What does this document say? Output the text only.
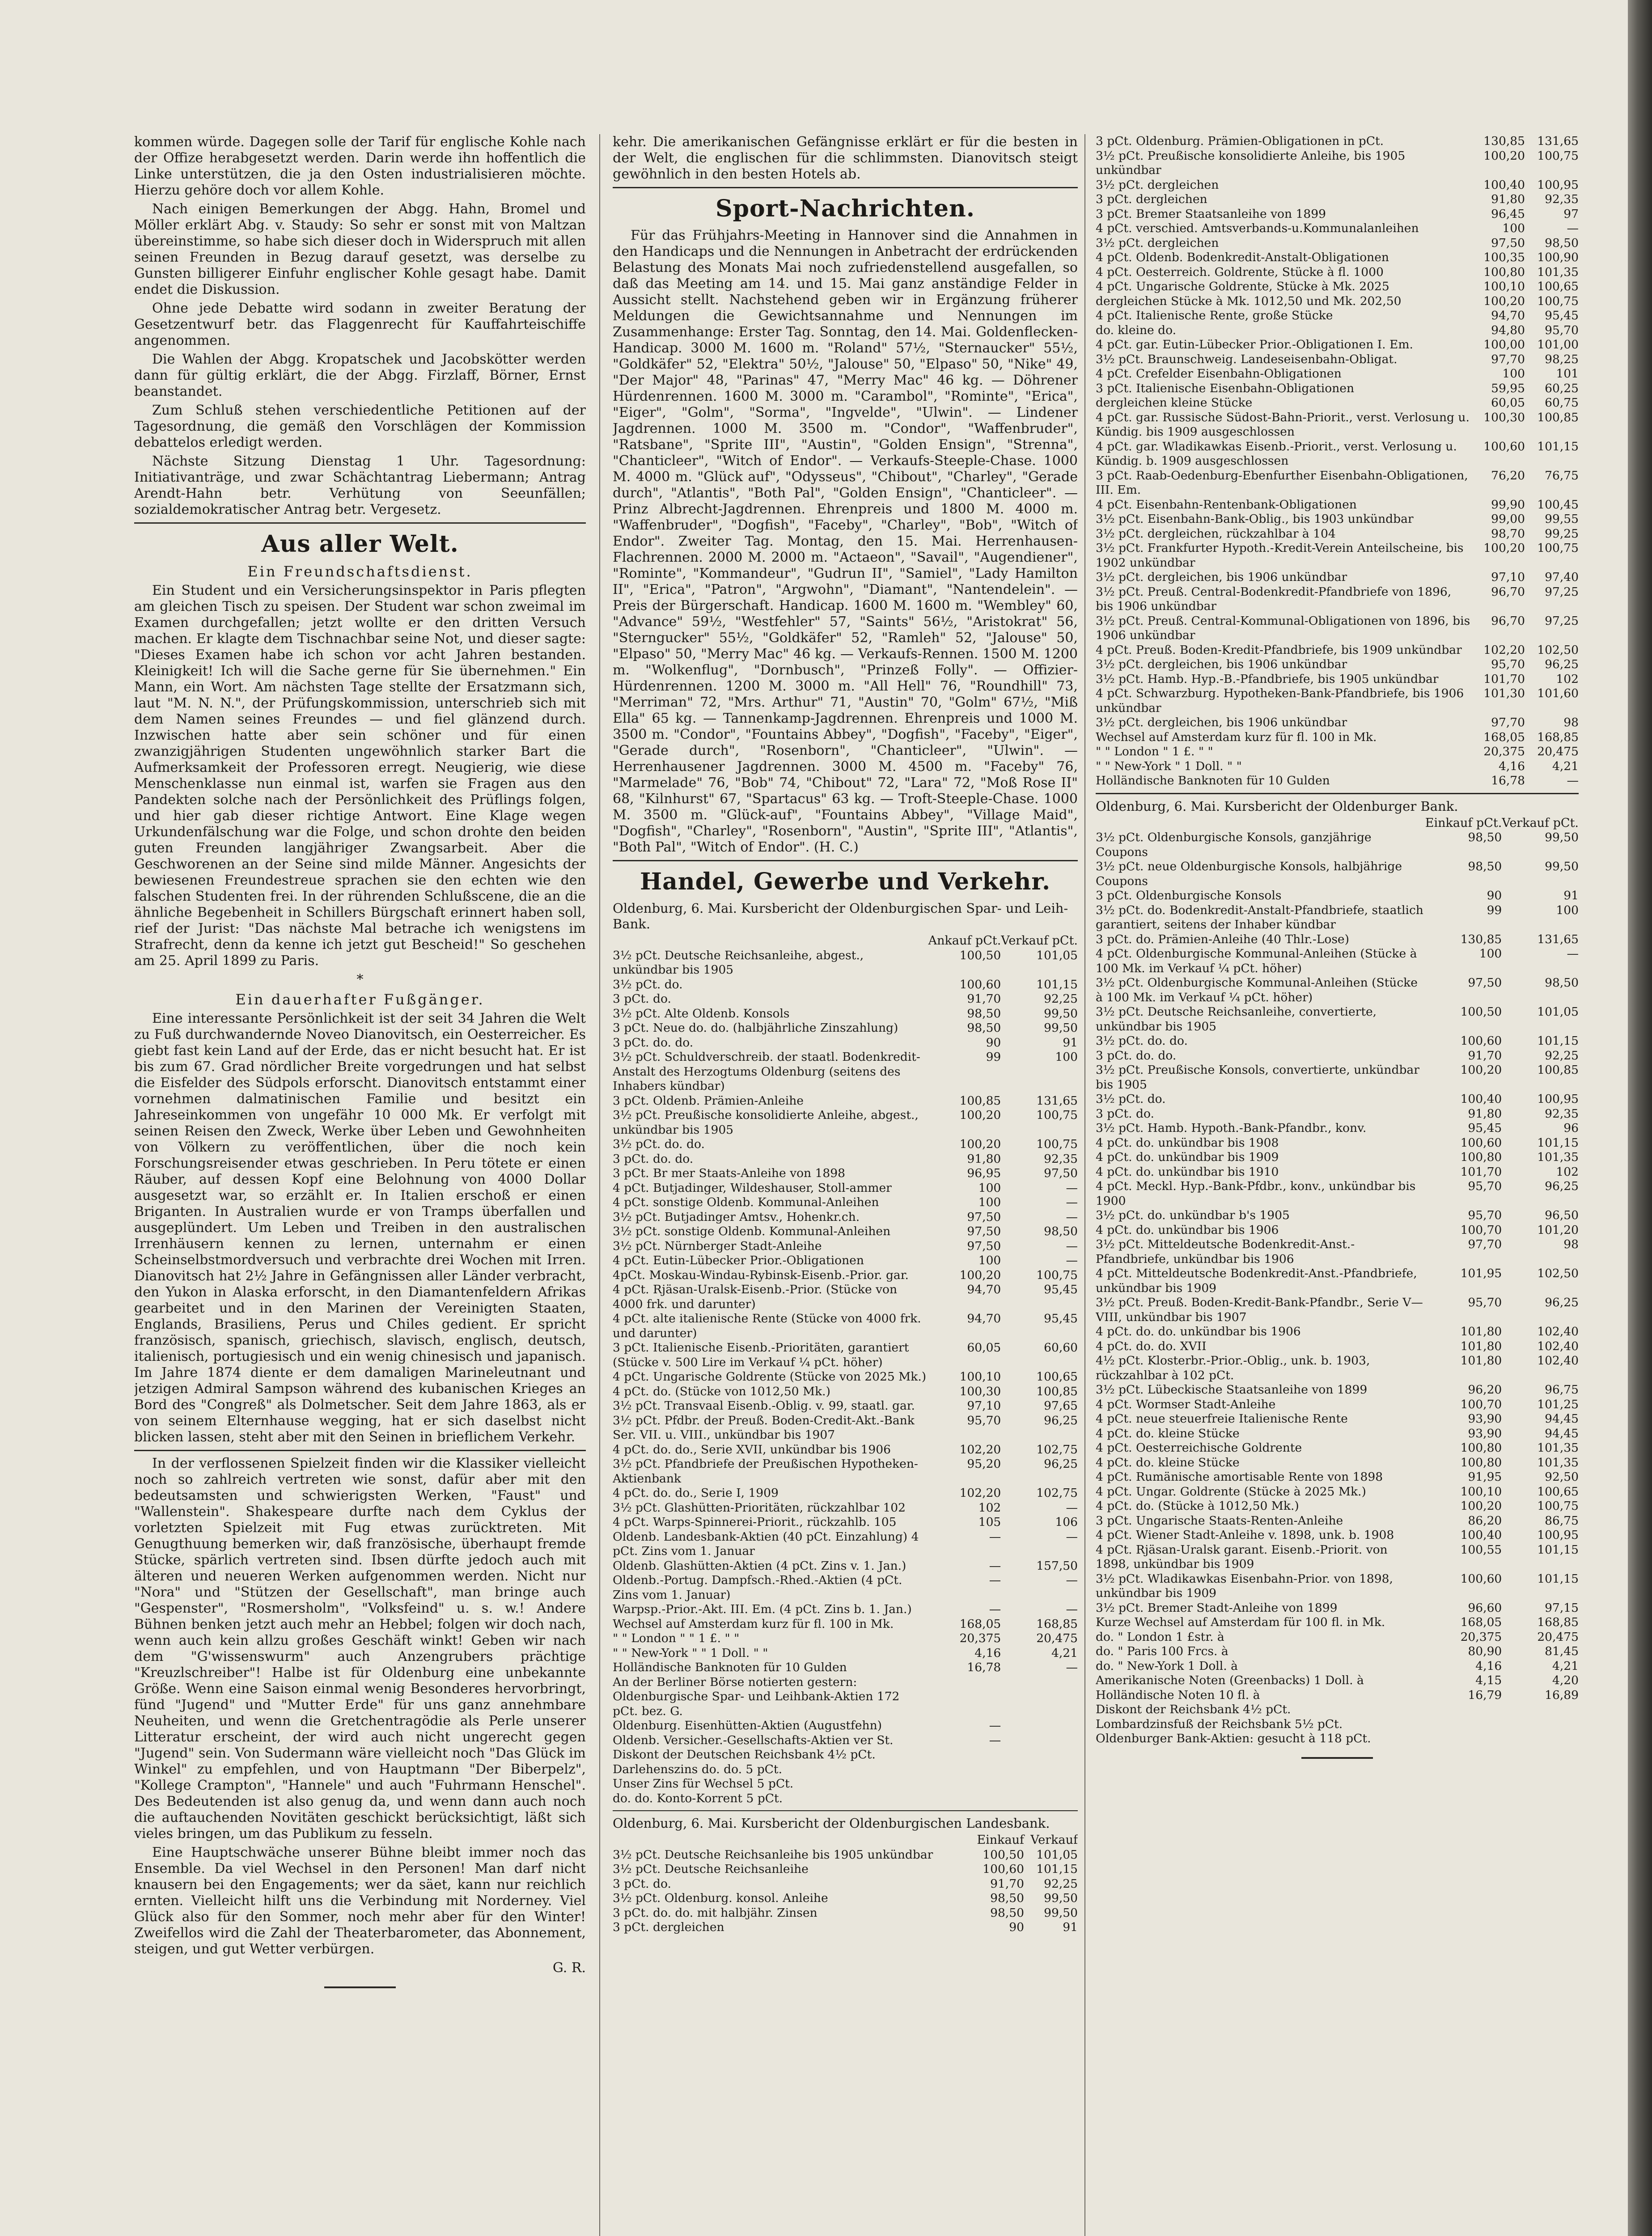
kommen würde. Dagegen solle der Tarif für englische Kohle nach der Offize herabgesetzt werden. Darin werde ihn hoffentlich die Linke unterstützen, die ja den Osten industrialisieren möchte. Hierzu gehöre doch vor allem Kohle.

Nach einigen Bemerkungen der Abgg. Hahn, Bromel und Möller erklärt Abg. v. Staudy: So sehr er sonst mit von Maltzan übereinstimme, so habe sich dieser doch in Widerspruch mit allen seinen Freunden in Bezug darauf gesetzt, was derselbe zu Gunsten billigerer Einfuhr englischer Kohle gesagt habe. Damit endet die Diskussion.

Ohne jede Debatte wird sodann in zweiter Beratung der Gesetzentwurf betr. das Flaggenrecht für Kauffahrteischiffe angenommen.

Die Wahlen der Abgg. Kropatschek und Jacobskötter werden dann für gültig erklärt, die der Abgg. Firzlaff, Börner, Ernst beanstandet.

Zum Schluß stehen verschiedentliche Petitionen auf der Tagesordnung, die gemäß den Vorschlägen der Kommission debattelos erledigt werden.

Nächste Sitzung Dienstag 1 Uhr. Tagesordnung: Initiativanträge, und zwar Schächtantrag Liebermann; Antrag Arendt-Hahn betr. Verhütung von Seeunfällen; sozialdemokratischer Antrag betr. Vergesetz.

Aus aller Welt.
Ein Freundschaftsdienst.

Ein Student und ein Versicherungsinspektor in Paris pflegten am gleichen Tisch zu speisen. Der Student war schon zweimal im Examen durchgefallen; jetzt wollte er den dritten Versuch machen. Er klagte dem Tischnachbar seine Not, und dieser sagte: "Dieses Examen habe ich schon vor acht Jahren bestanden. Kleinigkeit! Ich will die Sache gerne für Sie übernehmen." Ein Mann, ein Wort. Am nächsten Tage stellte der Ersatzmann sich, laut "M. N. N.", der Prüfungskommission, unterschrieb sich mit dem Namen seines Freundes — und fiel glänzend durch. Inzwischen hatte aber sein schöner und für einen zwanzigjährigen Studenten ungewöhnlich starker Bart die Aufmerksamkeit der Professoren erregt. Neugierig, wie diese Menschenklasse nun einmal ist, warfen sie Fragen aus den Pandekten solche nach der Persönlichkeit des Prüflings folgen, und hier gab dieser richtige Antwort. Eine Klage wegen Urkundenfälschung war die Folge, und schon drohte den beiden guten Freunden langjähriger Zwangsarbeit. Aber die Geschworenen an der Seine sind milde Männer. Angesichts der bewiesenen Freundestreue sprachen sie den echten wie den falschen Studenten frei. In der rührenden Schlußscene, die an die ähnliche Begebenheit in Schillers Bürgschaft erinnert haben soll, rief der Jurist: "Das nächste Mal betrache ich wenigstens im Strafrecht, denn da kenne ich jetzt gut Bescheid!" So geschehen am 25. April 1899 zu Paris.

*
Ein dauerhafter Fußgänger.

Eine interessante Persönlichkeit ist der seit 34 Jahren die Welt zu Fuß durchwandernde Noveo Dianovitsch, ein Oesterreicher. Es giebt fast kein Land auf der Erde, das er nicht besucht hat. Er ist bis zum 67. Grad nördlicher Breite vorgedrungen und hat selbst die Eisfelder des Südpols erforscht. Dianovitsch entstammt einer vornehmen dalmatinischen Familie und besitzt ein Jahreseinkommen von ungefähr 10 000 Mk. Er verfolgt mit seinen Reisen den Zweck, Werke über Leben und Gewohnheiten von Völkern zu veröffentlichen, über die noch kein Forschungsreisender etwas geschrieben. In Peru tötete er einen Räuber, auf dessen Kopf eine Belohnung von 4000 Dollar ausgesetzt war, so erzählt er. In Italien erschoß er einen Briganten. In Australien wurde er von Tramps überfallen und ausgeplündert. Um Leben und Treiben in den australischen Irrenhäusern kennen zu lernen, unternahm er einen Scheinselbstmordversuch und verbrachte drei Wochen mit Irren. Dianovitsch hat 2½ Jahre in Gefängnissen aller Länder verbracht, den Yukon in Alaska erforscht, in den Diamantenfeldern Afrikas gearbeitet und in den Marinen der Vereinigten Staaten, Englands, Brasiliens, Perus und Chiles gedient. Er spricht französisch, spanisch, griechisch, slavisch, englisch, deutsch, italienisch, portugiesisch und ein wenig chinesisch und japanisch. Im Jahre 1874 diente er dem damaligen Marineleutnant und jetzigen Admiral Sampson während des kubanischen Krieges an Bord des "Congreß" als Dolmetscher. Seit dem Jahre 1863, als er von seinem Elternhause wegging, hat er sich daselbst nicht blicken lassen, steht aber mit den Seinen in brieflichem Verkehr.

In der verflossenen Spielzeit finden wir die Klassiker vielleicht noch so zahlreich vertreten wie sonst, dafür aber mit den bedeutsamsten und schwierigsten Werken, "Faust" und "Wallenstein". Shakespeare durfte nach dem Cyklus der vorletzten Spielzeit mit Fug etwas zurücktreten. Mit Genugthuung bemerken wir, daß französische, überhaupt fremde Stücke, spärlich vertreten sind. Ibsen dürfte jedoch auch mit älteren und neueren Werken aufgenommen werden. Nicht nur "Nora" und "Stützen der Gesellschaft", man bringe auch "Gespenster", "Rosmersholm", "Volksfeind" u. s. w.! Andere Bühnen benken jetzt auch mehr an Hebbel; folgen wir doch nach, wenn auch kein allzu großes Geschäft winkt! Geben wir nach dem "G'wissenswurm" auch Anzengrubers prächtige "Kreuzlschreiber"! Halbe ist für Oldenburg eine unbekannte Größe. Wenn eine Saison einmal wenig Besonderes hervorbringt, fünd "Jugend" und "Mutter Erde" für uns ganz annehmbare Neuheiten, und wenn die Gretchentragödie als Perle unserer Litteratur erscheint, der wird auch nicht ungerecht gegen "Jugend" sein. Von Sudermann wäre vielleicht noch "Das Glück im Winkel" zu empfehlen, und von Hauptmann "Der Biberpelz", "Kollege Crampton", "Hannele" und auch "Fuhrmann Henschel". Des Bedeutenden ist also genug da, und wenn dann auch noch die auftauchenden Novitäten geschickt berücksichtigt, läßt sich vieles bringen, um das Publikum zu fesseln.

Eine Hauptschwäche unserer Bühne bleibt immer noch das Ensemble. Da viel Wechsel in den Personen! Man darf nicht knausern bei den Engagements; wer da säet, kann nur reichlich ernten. Vielleicht hilft uns die Verbindung mit Norderney. Viel Glück also für den Sommer, noch mehr aber für den Winter! Zweifellos wird die Zahl der Theaterbarometer, das Abonnement, steigen, und gut Wetter verbürgen.

G. R.

kehr. Die amerikanischen Gefängnisse erklärt er für die besten in der Welt, die englischen für die schlimmsten. Dianovitsch steigt gewöhnlich in den besten Hotels ab.

Sport-Nachrichten.

Für das Frühjahrs-Meeting in Hannover sind die Annahmen in den Handicaps und die Nennungen in Anbetracht der erdrückenden Belastung des Monats Mai noch zufriedenstellend ausgefallen, so daß das Meeting am 14. und 15. Mai ganz anständige Felder in Aussicht stellt. Nachstehend geben wir in Ergänzung früherer Meldungen die Gewichtsannahme und Nennungen im Zusammenhange: Erster Tag. Sonntag, den 14. Mai. Goldenflecken-Handicap. 3000 M. 1600 m. "Roland" 57½, "Sternaucker" 55½, "Goldkäfer" 52, "Elektra" 50½, "Jalouse" 50, "Elpaso" 50, "Nike" 49, "Der Major" 48, "Parinas" 47, "Merry Mac" 46 kg. — Döhrener Hürdenrennen. 1600 M. 3000 m. "Carambol", "Rominte", "Erica", "Eiger", "Golm", "Sorma", "Ingvelde", "Ulwin". — Lindener Jagdrennen. 1000 M. 3500 m. "Condor", "Waffenbruder", "Ratsbane", "Sprite III", "Austin", "Golden Ensign", "Strenna", "Chanticleer", "Witch of Endor". — Verkaufs-Steeple-Chase. 1000 M. 4000 m. "Glück auf", "Odysseus", "Chibout", "Charley", "Gerade durch", "Atlantis", "Both Pal", "Golden Ensign", "Chanticleer". — Prinz Albrecht-Jagdrennen. Ehrenpreis und 1800 M. 4000 m. "Waffenbruder", "Dogfish", "Faceby", "Charley", "Bob", "Witch of Endor". Zweiter Tag. Montag, den 15. Mai. Herrenhausen-Flachrennen. 2000 M. 2000 m. "Actaeon", "Savail", "Augendiener", "Rominte", "Kommandeur", "Gudrun II", "Samiel", "Lady Hamilton II", "Erica", "Patron", "Argwohn", "Diamant", "Nantendelein". — Preis der Bürgerschaft. Handicap. 1600 M. 1600 m. "Wembley" 60, "Advance" 59½, "Westfehler" 57, "Saints" 56½, "Aristokrat" 56, "Sterngucker" 55½, "Goldkäfer" 52, "Ramleh" 52, "Jalouse" 50, "Elpaso" 50, "Merry Mac" 46 kg. — Verkaufs-Rennen. 1500 M. 1200 m. "Wolkenflug", "Dornbusch", "Prinzeß Folly". — Offizier-Hürdenrennen. 1200 M. 3000 m. "All Hell" 76, "Roundhill" 73, "Merriman" 72, "Mrs. Arthur" 71, "Austin" 70, "Golm" 67½, "Miß Ella" 65 kg. — Tannenkamp-Jagdrennen. Ehrenpreis und 1000 M. 3500 m. "Condor", "Fountains Abbey", "Dogfish", "Faceby", "Eiger", "Gerade durch", "Rosenborn", "Chanticleer", "Ulwin". — Herrenhausener Jagdrennen. 3000 M. 4500 m. "Faceby" 76, "Marmelade" 76, "Bob" 74, "Chibout" 72, "Lara" 72, "Moß Rose II" 68, "Kilnhurst" 67, "Spartacus" 63 kg. — Troft-Steeple-Chase. 1000 M. 3500 m. "Glück-auf", "Fountains Abbey", "Village Maid", "Dogfish", "Charley", "Rosenborn", "Austin", "Sprite III", "Atlantis", "Both Pal", "Witch of Endor". (H. C.)

Handel, Gewerbe und Verkehr.
Oldenburg, 6. Mai. Kursbericht der Oldenburgischen Spar- und Leih-Bank.
	Ankauf pCt.	Verkauf pCt.
3½ pCt. Deutsche Reichsanleihe, abgest., unkündbar bis 1905	100,50	101,05
3½ pCt. do.	100,60	101,15
3 pCt. do.	91,70	92,25
3½ pCt. Alte Oldenb. Konsols	98,50	99,50
3 pCt. Neue do. do. (halbjährliche Zinszahlung)	98,50	99,50
3 pCt. do. do.	90	91
3½ pCt. Schuldverschreib. der staatl. Bodenkredit-Anstalt des Herzogtums Oldenburg (seitens des Inhabers kündbar)	99	100
3 pCt. Oldenb. Prämien-Anleihe	100,85	131,65
3½ pCt. Preußische konsolidierte Anleihe, abgest., unkündbar bis 1905	100,20	100,75
3½ pCt. do. do.	100,20	100,75
3 pCt. do. do.	91,80	92,35
3 pCt. Br mer Staats-Anleihe von 1898	96,95	97,50
4 pCt. Butjadinger, Wildeshauser, Stoll-ammer	100	—
4 pCt. sonstige Oldenb. Kommunal-Anleihen	100	—
3½ pCt. Butjadinger Amtsv., Hohenkr.ch.	97,50	—
3½ pCt. sonstige Oldenb. Kommunal-Anleihen	97,50	98,50
3½ pCt. Nürnberger Stadt-Anleihe	97,50	—
4 pCt. Eutin-Lübecker Prior.-Obligationen	100	—
4pCt. Moskau-Windau-Rybinsk-Eisenb.-Prior. gar.	100,20	100,75
4 pCt. Rjäsan-Uralsk-Eisenb.-Prior. (Stücke von 4000 frk. und darunter)	94,70	95,45
4 pCt. alte italienische Rente (Stücke von 4000 frk. und darunter)	94,70	95,45
3 pCt. Italienische Eisenb.-Prioritäten, garantiert (Stücke v. 500 Lire im Verkauf ¼ pCt. höher)	60,05	60,60
4 pCt. Ungarische Goldrente (Stücke von 2025 Mk.)	100,10	100,65
4 pCt. do. (Stücke von 1012,50 Mk.)	100,30	100,85
3½ pCt. Transvaal Eisenb.-Oblig. v. 99, staatl. gar.	97,10	97,65
3½ pCt. Pfdbr. der Preuß. Boden-Credit-Akt.-Bank Ser. VII. u. VIII., unkündbar bis 1907	95,70	96,25
4 pCt. do. do., Serie XVII, unkündbar bis 1906	102,20	102,75
3½ pCt. Pfandbriefe der Preußischen Hypotheken-Aktienbank	95,20	96,25
4 pCt. do. do., Serie I, 1909	102,20	102,75
3½ pCt. Glashütten-Prioritäten, rückzahlbar 102	102	—
4 pCt. Warps-Spinnerei-Priorit., rückzahlb. 105	105	106
Oldenb. Landesbank-Aktien (40 pCt. Einzahlung) 4 pCt. Zins vom 1. Januar	—	—
Oldenb. Glashütten-Aktien (4 pCt. Zins v. 1. Jan.)	—	157,50
Oldenb.-Portug. Dampfsch.-Rhed.-Aktien (4 pCt. Zins vom 1. Januar)	—	—
Warpsp.-Prior.-Akt. III. Em. (4 pCt. Zins b. 1. Jan.)	—	—
Wechsel auf Amsterdam kurz für fl. 100 in Mk.	168,05	168,85
" " London " " 1 £. " "	20,375	20,475
" " New-York " " 1 Doll. " "	4,16	4,21
Holländische Banknoten für 10 Gulden	16,78	—
An der Berliner Börse notierten gestern:		
Oldenburgische Spar- und Leihbank-Aktien 172 pCt. bez. G.		
Oldenburg. Eisenhütten-Aktien (Augustfehn)	—	
Oldenb. Versicher.-Gesellschafts-Aktien ver St.	—	
Diskont der Deutschen Reichsbank 4½ pCt.		
Darlehenszins do. do. 5 pCt.		
Unser Zins für Wechsel 5 pCt.		
do. do. Konto-Korrent 5 pCt.		
Oldenburg, 6. Mai. Kursbericht der Oldenburgischen Landesbank.
	Einkauf	Verkauf
3½ pCt. Deutsche Reichsanleihe bis 1905 unkündbar	100,50	101,05
3½ pCt. Deutsche Reichsanleihe	100,60	101,15
3 pCt. do.	91,70	92,25
3½ pCt. Oldenburg. konsol. Anleihe	98,50	99,50
3 pCt. do. do. mit halbjähr. Zinsen	98,50	99,50
3 pCt. dergleichen	90	91
3 pCt. Oldenburg. Prämien-Obligationen in pCt.	130,85	131,65
3½ pCt. Preußische konsolidierte Anleihe, bis 1905 unkündbar	100,20	100,75
3½ pCt. dergleichen	100,40	100,95
3 pCt. dergleichen	91,80	92,35
3 pCt. Bremer Staatsanleihe von 1899	96,45	97
4 pCt. verschied. Amtsverbands-u.Kommunalanleihen	100	—
3½ pCt. dergleichen	97,50	98,50
4 pCt. Oldenb. Bodenkredit-Anstalt-Obligationen	100,35	100,90
4 pCt. Oesterreich. Goldrente, Stücke à fl. 1000	100,80	101,35
4 pCt. Ungarische Goldrente, Stücke à Mk. 2025	100,10	100,65
dergleichen Stücke à Mk. 1012,50 und Mk. 202,50	100,20	100,75
4 pCt. Italienische Rente, große Stücke	94,70	95,45
do. kleine do.	94,80	95,70
4 pCt. gar. Eutin-Lübecker Prior.-Obligationen I. Em.	100,00	101,00
3½ pCt. Braunschweig. Landeseisenbahn-Obligat.	97,70	98,25
4 pCt. Crefelder Eisenbahn-Obligationen	100	101
3 pCt. Italienische Eisenbahn-Obligationen	59,95	60,25
dergleichen kleine Stücke	60,05	60,75
4 pCt. gar. Russische Südost-Bahn-Priorit., verst. Verlosung u. Kündig. bis 1909 ausgeschlossen	100,30	100,85
4 pCt. gar. Wladikawkas Eisenb.-Priorit., verst. Verlosung u. Kündig. b. 1909 ausgeschlossen	100,60	101,15
3 pCt. Raab-Oedenburg-Ebenfurther Eisenbahn-Obligationen, III. Em.	76,20	76,75
4 pCt. Eisenbahn-Rentenbank-Obligationen	99,90	100,45
3½ pCt. Eisenbahn-Bank-Oblig., bis 1903 unkündbar	99,00	99,55
3½ pCt. dergleichen, rückzahlbar à 104	98,70	99,25
3½ pCt. Frankfurter Hypoth.-Kredit-Verein Anteilscheine, bis 1902 unkündbar	100,20	100,75
3½ pCt. dergleichen, bis 1906 unkündbar	97,10	97,40
3½ pCt. Preuß. Central-Bodenkredit-Pfandbriefe von 1896, bis 1906 unkündbar	96,70	97,25
3½ pCt. Preuß. Central-Kommunal-Obligationen von 1896, bis 1906 unkündbar	96,70	97,25
4 pCt. Preuß. Boden-Kredit-Pfandbriefe, bis 1909 unkündbar	102,20	102,50
3½ pCt. dergleichen, bis 1906 unkündbar	95,70	96,25
3½ pCt. Hamb. Hyp.-B.-Pfandbriefe, bis 1905 unkündbar	101,70	102
4 pCt. Schwarzburg. Hypotheken-Bank-Pfandbriefe, bis 1906 unkündbar	101,30	101,60
3½ pCt. dergleichen, bis 1906 unkündbar	97,70	98
Wechsel auf Amsterdam kurz für fl. 100 in Mk.	168,05	168,85
" " London " 1 £. " "	20,375	20,475
" " New-York " 1 Doll. " "	4,16	4,21
Holländische Banknoten für 10 Gulden	16,78	—
Oldenburg, 6. Mai. Kursbericht der Oldenburger Bank.
	Einkauf pCt.	Verkauf pCt.
3½ pCt. Oldenburgische Konsols, ganzjährige Coupons	98,50	99,50
3½ pCt. neue Oldenburgische Konsols, halbjährige Coupons	98,50	99,50
3 pCt. Oldenburgische Konsols	90	91
3½ pCt. do. Bodenkredit-Anstalt-Pfandbriefe, staatlich garantiert, seitens der Inhaber kündbar	99	100
3 pCt. do. Prämien-Anleihe (40 Thlr.-Lose)	130,85	131,65
4 pCt. Oldenburgische Kommunal-Anleihen (Stücke à 100 Mk. im Verkauf ¼ pCt. höher)	100	—
3½ pCt. Oldenburgische Kommunal-Anleihen (Stücke à 100 Mk. im Verkauf ¼ pCt. höher)	97,50	98,50
3½ pCt. Deutsche Reichsanleihe, convertierte, unkündbar bis 1905	100,50	101,05
3½ pCt. do. do.	100,60	101,15
3 pCt. do. do.	91,70	92,25
3½ pCt. Preußische Konsols, convertierte, unkündbar bis 1905	100,20	100,85
3½ pCt. do.	100,40	100,95
3 pCt. do.	91,80	92,35
3½ pCt. Hamb. Hypoth.-Bank-Pfandbr., konv.	95,45	96
4 pCt. do. unkündbar bis 1908	100,60	101,15
4 pCt. do. unkündbar bis 1909	100,80	101,35
4 pCt. do. unkündbar bis 1910	101,70	102
4 pCt. Meckl. Hyp.-Bank-Pfdbr., konv., unkündbar bis 1900	95,70	96,25
3½ pCt. do. unkündbar b's 1905	95,70	96,50
4 pCt. do. unkündbar bis 1906	100,70	101,20
3½ pCt. Mitteldeutsche Bodenkredit-Anst.-Pfandbriefe, unkündbar bis 1906	97,70	98
4 pCt. Mitteldeutsche Bodenkredit-Anst.-Pfandbriefe, unkündbar bis 1909	101,95	102,50
3½ pCt. Preuß. Boden-Kredit-Bank-Pfandbr., Serie V—VIII, unkündbar bis 1907	95,70	96,25
4 pCt. do. do. unkündbar bis 1906	101,80	102,40
4 pCt. do. do. XVII	101,80	102,40
4½ pCt. Klosterbr.-Prior.-Oblig., unk. b. 1903, rückzahlbar à 102 pCt.	101,80	102,40
3½ pCt. Lübeckische Staatsanleihe von 1899	96,20	96,75
4 pCt. Wormser Stadt-Anleihe	100,70	101,25
4 pCt. neue steuerfreie Italienische Rente	93,90	94,45
4 pCt. do. kleine Stücke	93,90	94,45
4 pCt. Oesterreichische Goldrente	100,80	101,35
4 pCt. do. kleine Stücke	100,80	101,35
4 pCt. Rumänische amortisable Rente von 1898	91,95	92,50
4 pCt. Ungar. Goldrente (Stücke à 2025 Mk.)	100,10	100,65
4 pCt. do. (Stücke à 1012,50 Mk.)	100,20	100,75
3 pCt. Ungarische Staats-Renten-Anleihe	86,20	86,75
4 pCt. Wiener Stadt-Anleihe v. 1898, unk. b. 1908	100,40	100,95
4 pCt. Rjäsan-Uralsk garant. Eisenb.-Priorit. von 1898, unkündbar bis 1909	100,55	101,15
3½ pCt. Wladikawkas Eisenbahn-Prior. von 1898, unkündbar bis 1909	100,60	101,15
3½ pCt. Bremer Stadt-Anleihe von 1899	96,60	97,15
Kurze Wechsel auf Amsterdam für 100 fl. in Mk.	168,05	168,85
do. " London 1 £str. à	20,375	20,475
do. " Paris 100 Frcs. à	80,90	81,45
do. " New-York 1 Doll. à	4,16	4,21
Amerikanische Noten (Greenbacks) 1 Doll. à	4,15	4,20
Holländische Noten 10 fl. à	16,79	16,89
Diskont der Reichsbank 4½ pCt.		
Lombardzinsfuß der Reichsbank 5½ pCt.		
Oldenburger Bank-Aktien: gesucht à 118 pCt.		
